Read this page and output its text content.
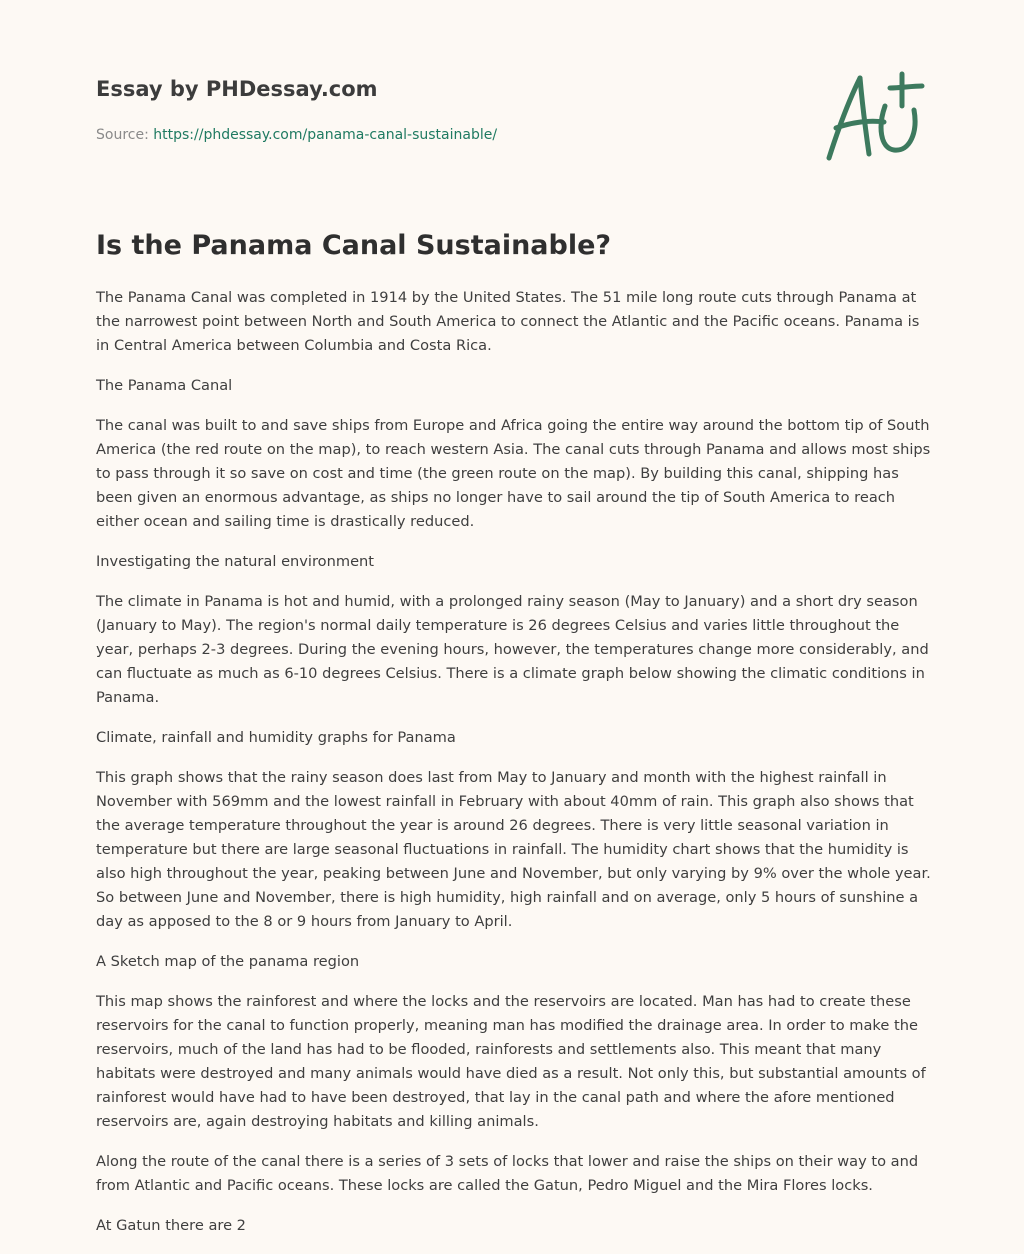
Essay by PHDessay.com
Source: https://phdessay.com/panama-canal-sustainable/
Is the Panama Canal Sustainable?

The Panama Canal was completed in 1914 by the United States. The 51 mile long route cuts through Panama at the narrowest point between North and South America to connect the Atlantic and the Pacific oceans. Panama is in Central America between Columbia and Costa Rica.

The Panama Canal

The canal was built to and save ships from Europe and Africa going the entire way around the bottom tip of South America (the red route on the map), to reach western Asia. The canal cuts through Panama and allows most ships to pass through it so save on cost and time (the green route on the map). By building this canal, shipping has been given an enormous advantage, as ships no longer have to sail around the tip of South America to reach either ocean and sailing time is drastically reduced.

Investigating the natural environment

The climate in Panama is hot and humid, with a prolonged rainy season (May to January) and a short dry season (January to May). The region's normal daily temperature is 26 degrees Celsius and varies little throughout the year, perhaps 2-3 degrees. During the evening hours, however, the temperatures change more considerably, and can fluctuate as much as 6-10 degrees Celsius. There is a climate graph below showing the climatic conditions in Panama.

Climate, rainfall and humidity graphs for Panama

This graph shows that the rainy season does last from May to January and month with the highest rainfall in November with 569mm and the lowest rainfall in February with about 40mm of rain. This graph also shows that the average temperature throughout the year is around 26 degrees. There is very little seasonal variation in temperature but there are large seasonal fluctuations in rainfall. The humidity chart shows that the humidity is also high throughout the year, peaking between June and November, but only varying by 9% over the whole year. So between June and November, there is high humidity, high rainfall and on average, only 5 hours of sunshine a day as apposed to the 8 or 9 hours from January to April.

A Sketch map of the panama region

This map shows the rainforest and where the locks and the reservoirs are located. Man has had to create these reservoirs for the canal to function properly, meaning man has modified the drainage area. In order to make the reservoirs, much of the land has had to be flooded, rainforests and settlements also. This meant that many habitats were destroyed and many animals would have died as a result. Not only this, but substantial amounts of rainforest would have had to have been destroyed, that lay in the canal path and where the afore mentioned reservoirs are, again destroying habitats and killing animals.

Along the route of the canal there is a series of 3 sets of locks that lower and raise the ships on their way to and from Atlantic and Pacific oceans. These locks are called the Gatun, Pedro Miguel and the Mira Flores locks.

At Gatun there are 2
